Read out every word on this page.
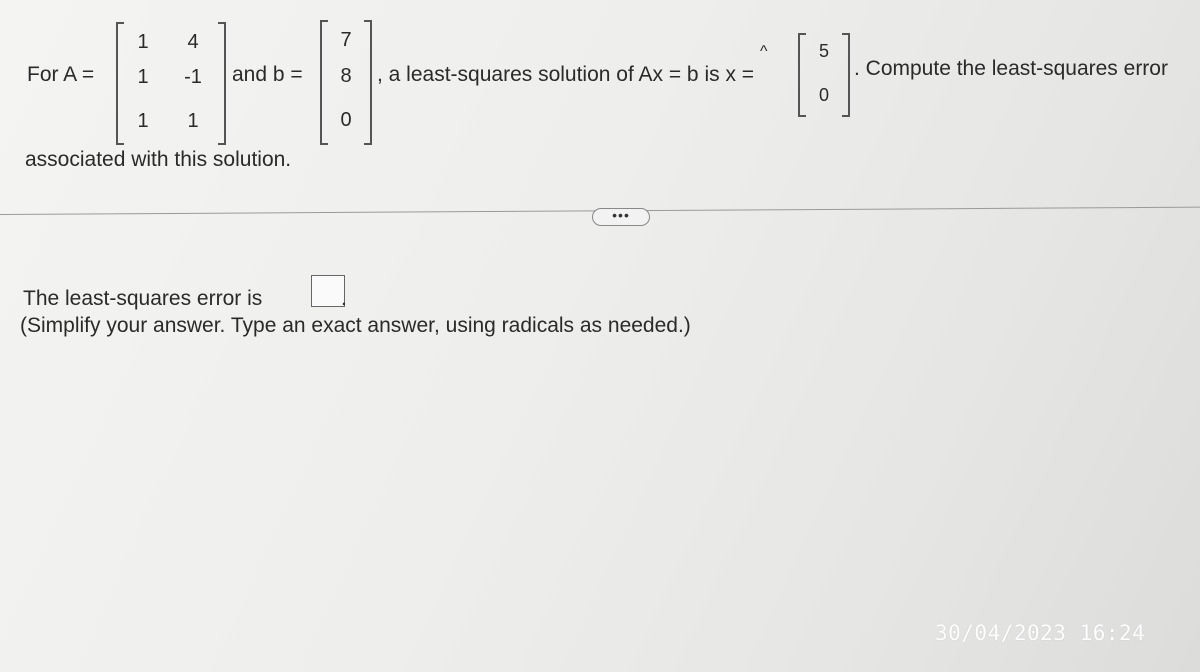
For A =
1	4
1	-1
1	1
and b =
7
8
0
, a least-squares solution of Ax = b is x =
^	5
0
. Compute the least-squares error
associated with this solution.
•••
The least-squares error is	.
(Simplify your answer. Type an exact answer, using radicals as needed.)
30/04/2023 16:24
